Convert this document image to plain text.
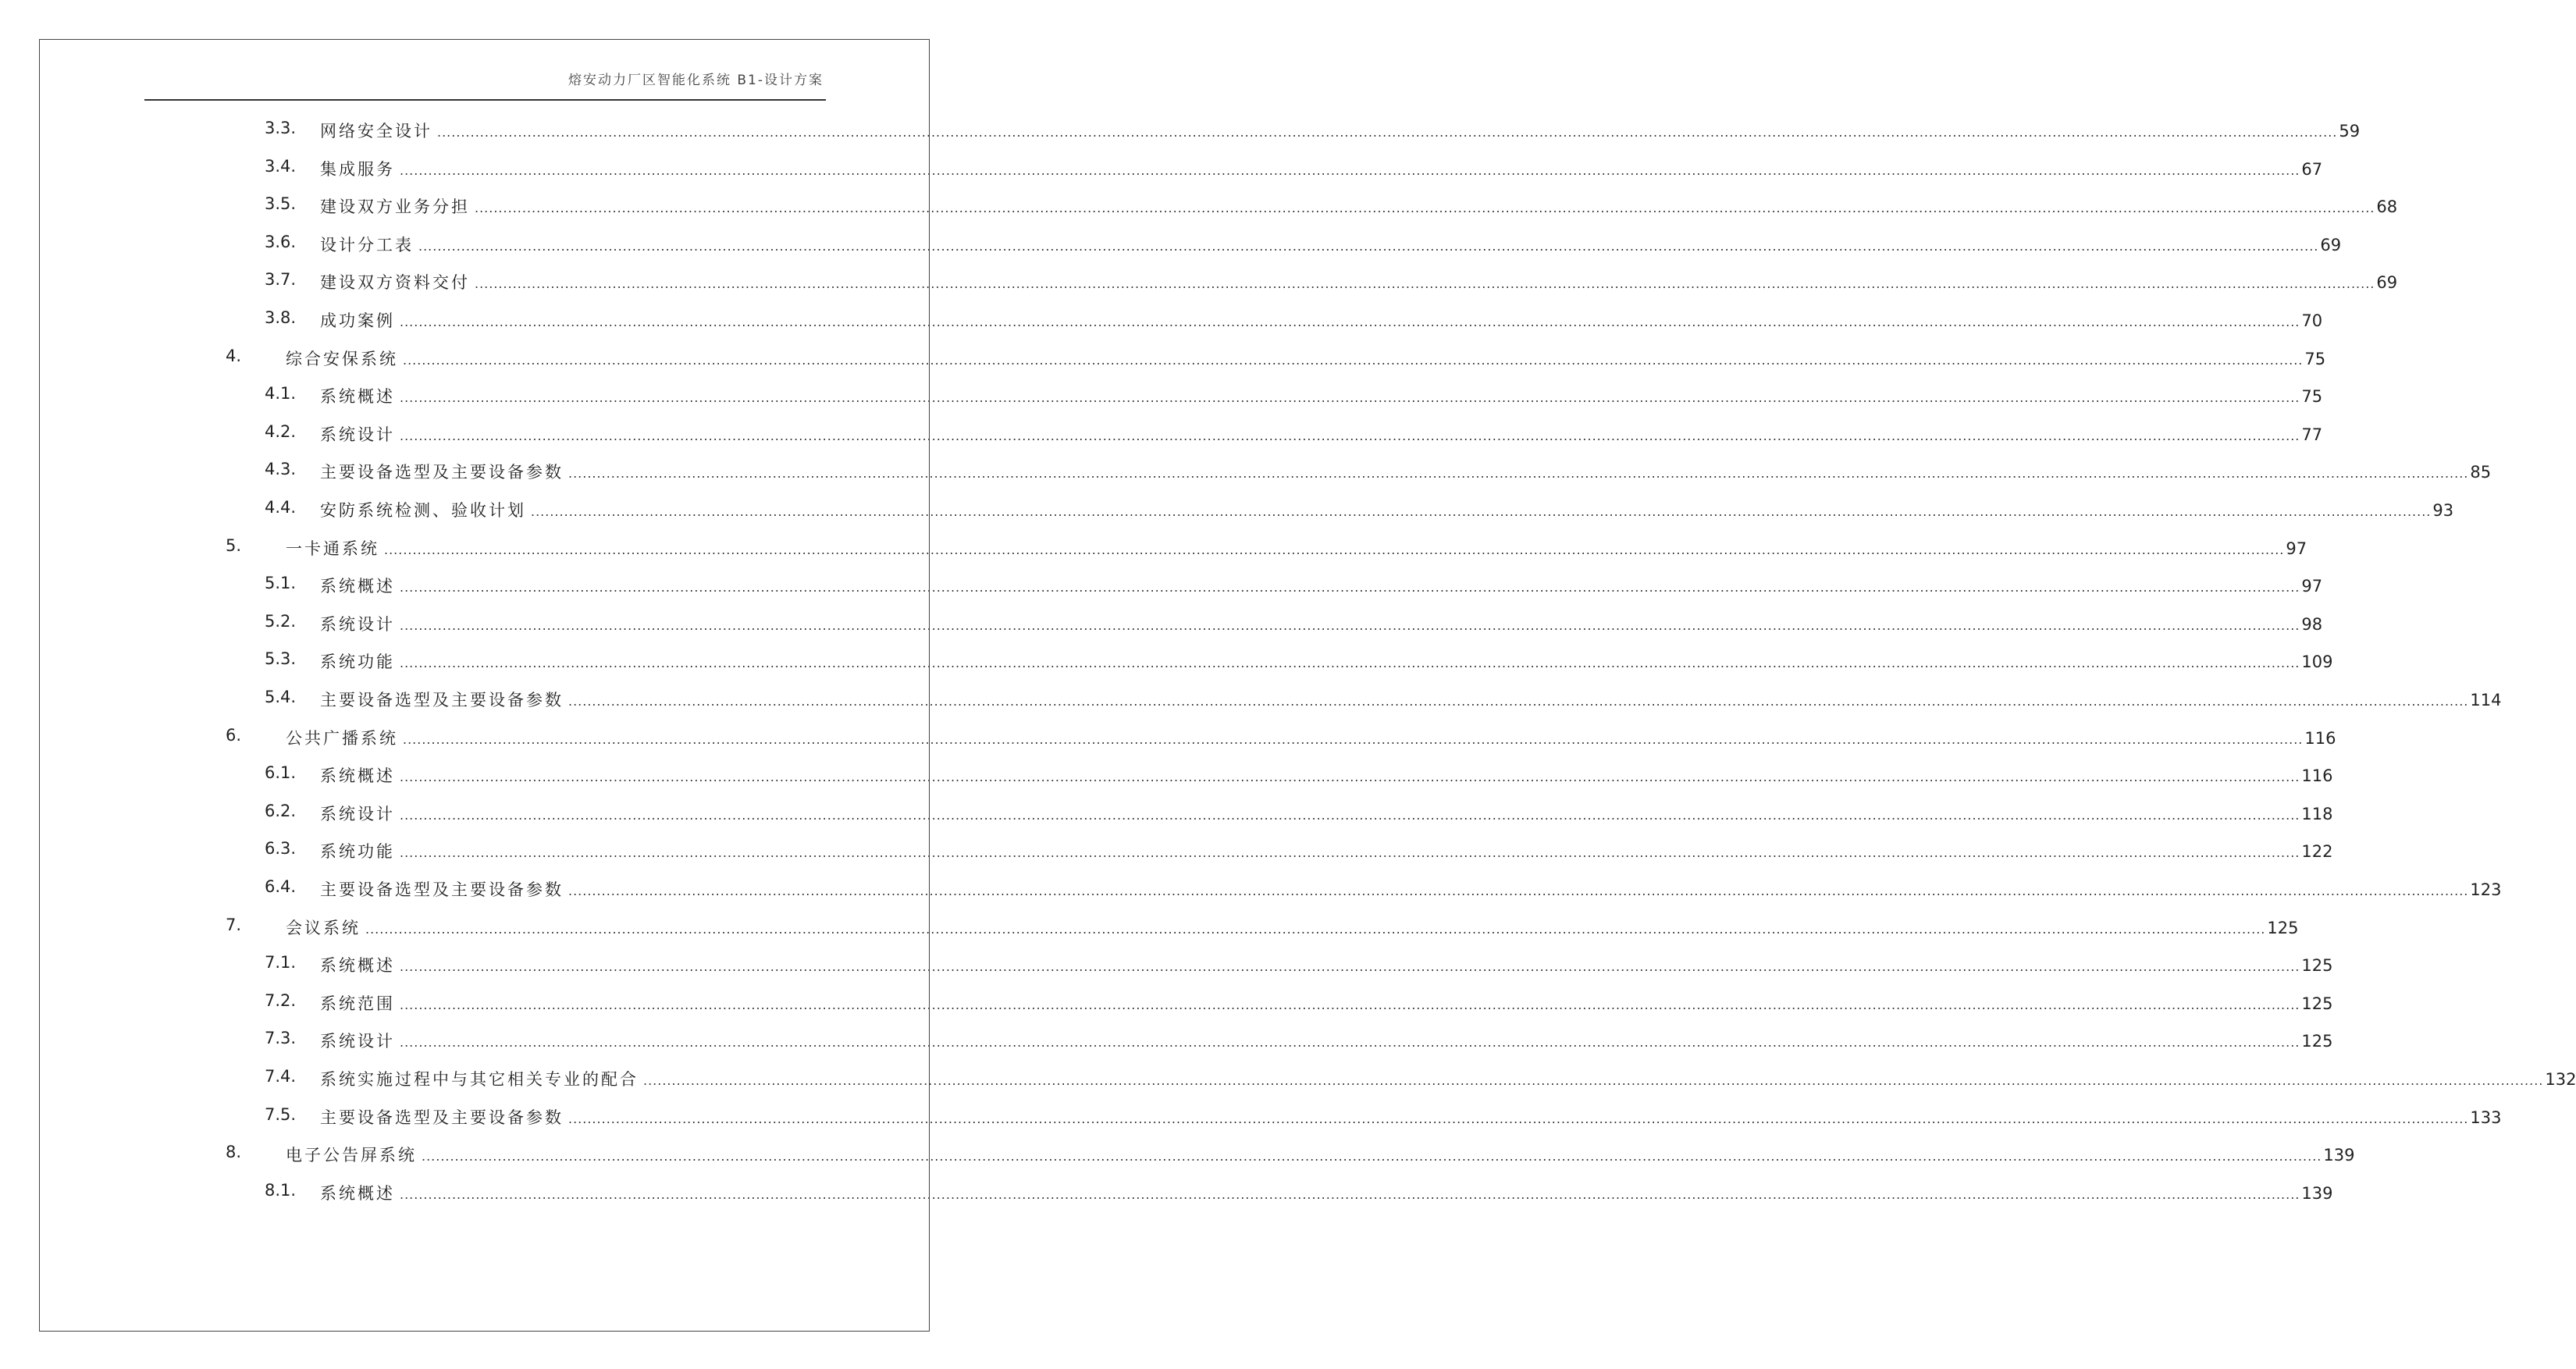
熔安动力厂区智能化系统 B1-设计方案
3.3. 网络安全设计 ................................................................................................................................................................................................................................................................................................................................................................................................................ 59
3.4. 集成服务 ................................................................................................................................................................................................................................................................................................................................................................................................................ 67
3.5. 建设双方业务分担 ................................................................................................................................................................................................................................................................................................................................................................................................................ 68
3.6. 设计分工表 ................................................................................................................................................................................................................................................................................................................................................................................................................ 69
3.7. 建设双方资料交付 ................................................................................................................................................................................................................................................................................................................................................................................................................ 69
3.8. 成功案例 ................................................................................................................................................................................................................................................................................................................................................................................................................ 70
4.	综合安保系统 ................................................................................................................................................................................................................................................................................................................................................................................................................ 75
4.1. 系统概述 ................................................................................................................................................................................................................................................................................................................................................................................................................ 75
4.2. 系统设计 ................................................................................................................................................................................................................................................................................................................................................................................................................ 77
4.3. 主要设备选型及主要设备参数 ................................................................................................................................................................................................................................................................................................................................................................................................................ 85
4.4. 安防系统检测、验收计划 ................................................................................................................................................................................................................................................................................................................................................................................................................ 93
5.	一卡通系统 ................................................................................................................................................................................................................................................................................................................................................................................................................ 97
5.1. 系统概述 ................................................................................................................................................................................................................................................................................................................................................................................................................ 97
5.2. 系统设计 ................................................................................................................................................................................................................................................................................................................................................................................................................ 98
5.3. 系统功能 ................................................................................................................................................................................................................................................................................................................................................................................................................ 109
5.4. 主要设备选型及主要设备参数 ................................................................................................................................................................................................................................................................................................................................................................................................................ 114
6.	公共广播系统 ................................................................................................................................................................................................................................................................................................................................................................................................................ 116
6.1. 系统概述 ................................................................................................................................................................................................................................................................................................................................................................................................................ 116
6.2. 系统设计 ................................................................................................................................................................................................................................................................................................................................................................................................................ 118
6.3. 系统功能 ................................................................................................................................................................................................................................................................................................................................................................................................................ 122
6.4. 主要设备选型及主要设备参数 ................................................................................................................................................................................................................................................................................................................................................................................................................ 123
7.	会议系统 ................................................................................................................................................................................................................................................................................................................................................................................................................ 125
7.1. 系统概述 ................................................................................................................................................................................................................................................................................................................................................................................................................ 125
7.2. 系统范围 ................................................................................................................................................................................................................................................................................................................................................................................................................ 125
7.3. 系统设计 ................................................................................................................................................................................................................................................................................................................................................................................................................ 125
7.4. 系统实施过程中与其它相关专业的配合 ................................................................................................................................................................................................................................................................................................................................................................................................................ 132
7.5. 主要设备选型及主要设备参数 ................................................................................................................................................................................................................................................................................................................................................................................................................ 133
8.	电子公告屏系统 ................................................................................................................................................................................................................................................................................................................................................................................................................ 139
8.1. 系统概述 ................................................................................................................................................................................................................................................................................................................................................................................................................ 139
